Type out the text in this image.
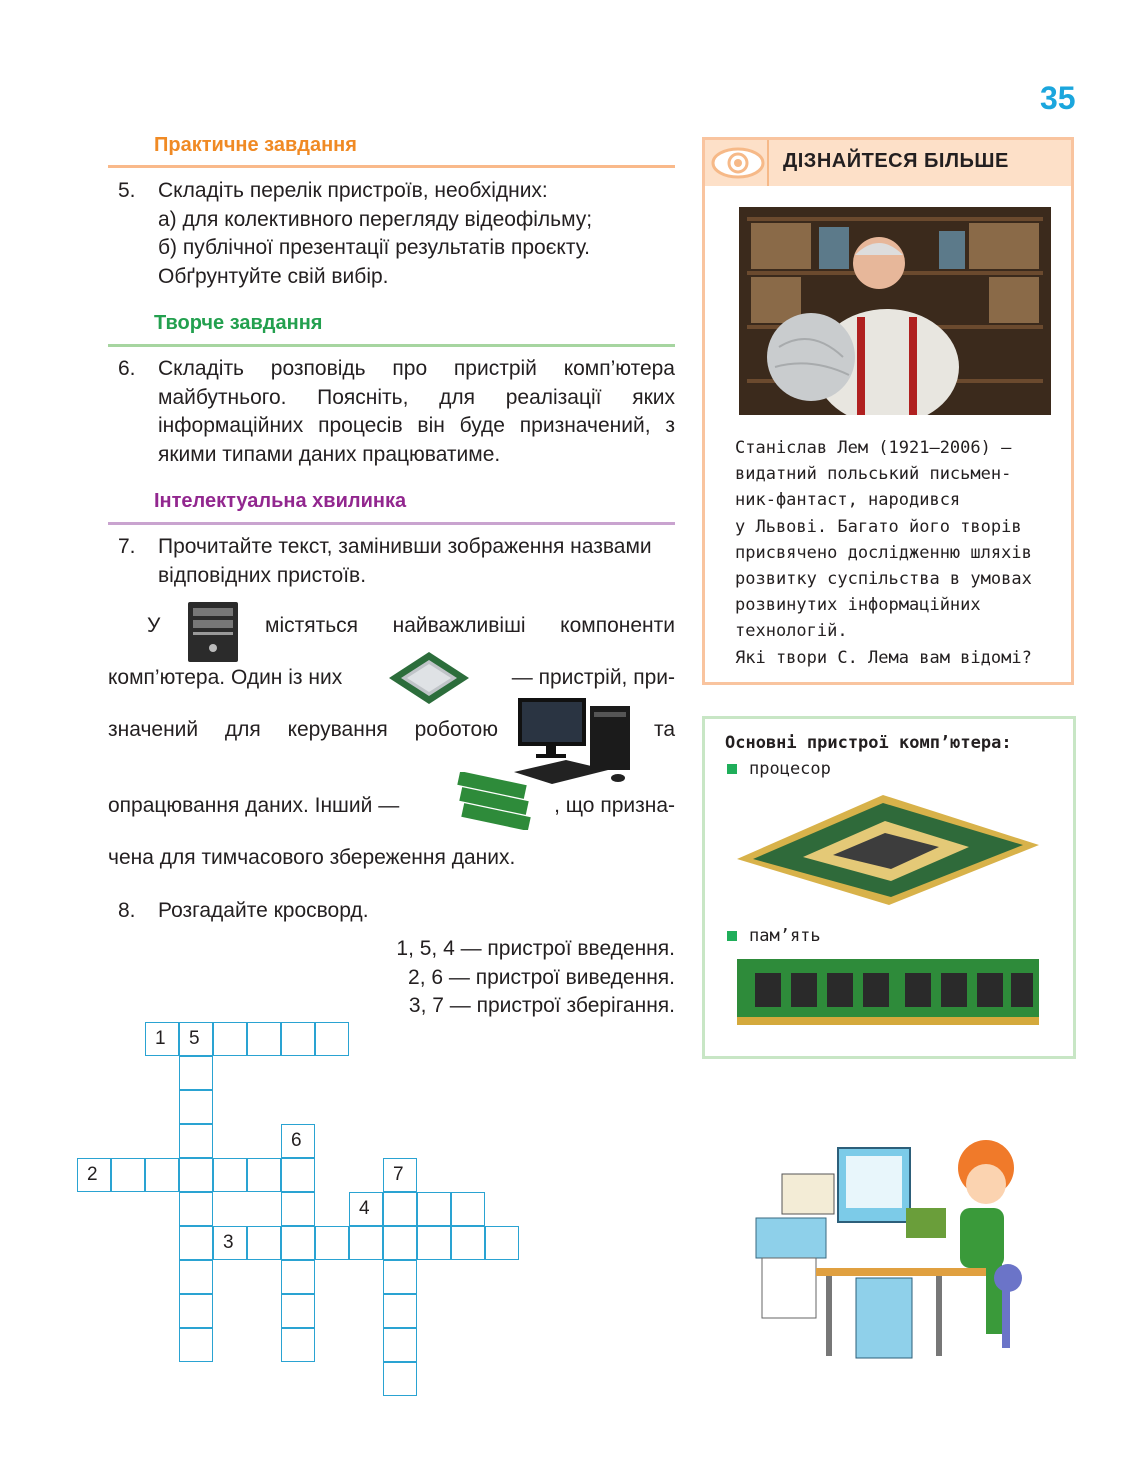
35
Практичне завдання
5. Складіть перелік пристроїв, необхідних:
а) для колективного перегляду відеофільму;
б) публічної презентації результатів проєкту.
Обґрунтуйте свій вибір.
Творче завдання
6. Складіть розповідь про пристрій комп’ютера майбутнього. Поясніть, для реалізації яких інформаційних процесів він буде призначений, з якими типами даних працюватиме.
Інтелектуальна хвилинка
7. Прочитайте текст, замінивши зображення назвами відповідних пристоїв.
У	містяться найважливіші компоненти
комп’ютера. Один із них	— пристрій, при-
значений для керування роботою	та
опрацювання даних. Інший —	, що призна-
чена для тимчасового збереження даних.
8. Розгадайте кросворд.
1, 5, 4 — пристрої введення.
2, 6 — пристрої виведення.
3, 7 — пристрої зберігання.
1 5
6
2	7
4
3
ДІЗНАЙТЕСЯ БІЛЬШЕ
Станіслав Лем (1921–2006) —
видатний польський письмен-
ник-фантаст, народився
у Львові. Багато його творів
присвячено дослідженню шляхів
розвитку суспільства в умовах
розвинутих інформаційних
технологій.
Які твори С. Лема вам відомі?
Основні пристрої комп’ютера:
процесор
пам’ять
